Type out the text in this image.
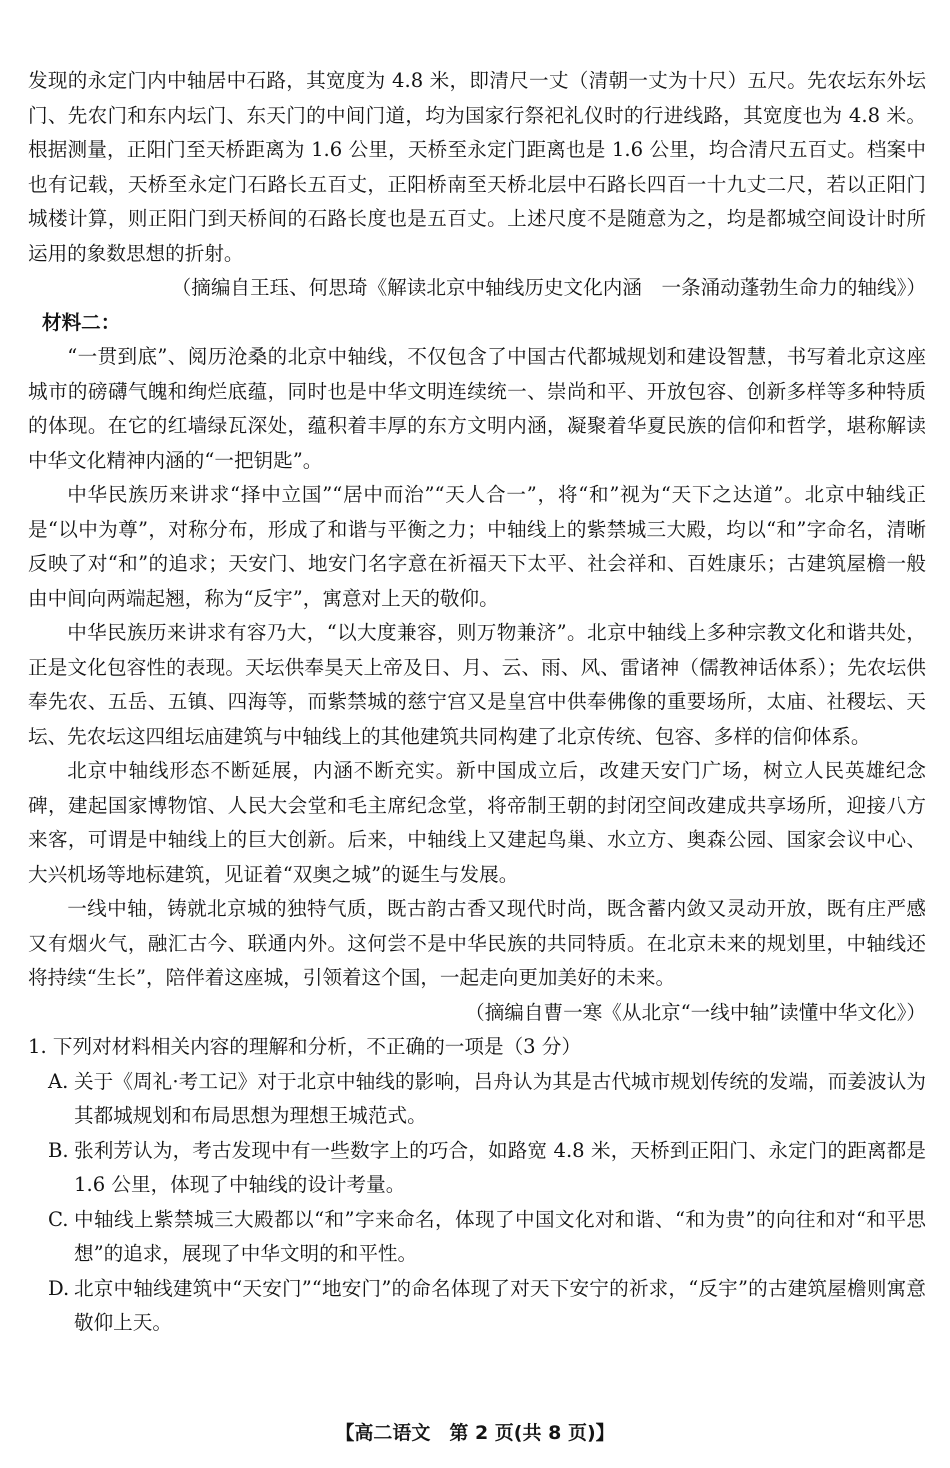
发现的永定门内中轴居中石路，其宽度为 4.8 米，即清尺一丈（清朝一丈为十尺）五尺。先农坛东外坛门、先农门和东内坛门、东天门的中间门道，均为国家行祭祀礼仪时的行进线路，其宽度也为 4.8 米。根据测量，正阳门至天桥距离为 1.6 公里，天桥至永定门距离也是 1.6 公里，均合清尺五百丈。档案中也有记载，天桥至永定门石路长五百丈，正阳桥南至天桥北层中石路长四百一十九丈二尺，若以正阳门城楼计算，则正阳门到天桥间的石路长度也是五百丈。上述尺度不是随意为之，均是都城空间设计时所运用的象数思想的折射。

（摘编自王珏、何思琦《解读北京中轴线历史文化内涵　一条涌动蓬勃生命力的轴线》）

材料二：

“一贯到底”、阅历沧桑的北京中轴线，不仅包含了中国古代都城规划和建设智慧，书写着北京这座城市的磅礴气魄和绚烂底蕴，同时也是中华文明连续统一、崇尚和平、开放包容、创新多样等多种特质的体现。在它的红墙绿瓦深处，蕴积着丰厚的东方文明内涵，凝聚着华夏民族的信仰和哲学，堪称解读中华文化精神内涵的“一把钥匙”。

中华民族历来讲求“择中立国”“居中而治”“天人合一”，将“和”视为“天下之达道”。北京中轴线正是“以中为尊”，对称分布，形成了和谐与平衡之力；中轴线上的紫禁城三大殿，均以“和”字命名，清晰反映了对“和”的追求；天安门、地安门名字意在祈福天下太平、社会祥和、百姓康乐；古建筑屋檐一般由中间向两端起翘，称为“反宇”，寓意对上天的敬仰。

中华民族历来讲求有容乃大，“以大度兼容，则万物兼济”。北京中轴线上多种宗教文化和谐共处，正是文化包容性的表现。天坛供奉昊天上帝及日、月、云、雨、风、雷诸神（儒教神话体系）；先农坛供奉先农、五岳、五镇、四海等，而紫禁城的慈宁宫又是皇宫中供奉佛像的重要场所，太庙、社稷坛、天坛、先农坛这四组坛庙建筑与中轴线上的其他建筑共同构建了北京传统、包容、多样的信仰体系。

北京中轴线形态不断延展，内涵不断充实。新中国成立后，改建天安门广场，树立人民英雄纪念碑，建起国家博物馆、人民大会堂和毛主席纪念堂，将帝制王朝的封闭空间改建成共享场所，迎接八方来客，可谓是中轴线上的巨大创新。后来，中轴线上又建起鸟巢、水立方、奥森公园、国家会议中心、大兴机场等地标建筑，见证着“双奥之城”的诞生与发展。

一线中轴，铸就北京城的独特气质，既古韵古香又现代时尚，既含蓄内敛又灵动开放，既有庄严感又有烟火气，融汇古今、联通内外。这何尝不是中华民族的共同特质。在北京未来的规划里，中轴线还将持续“生长”，陪伴着这座城，引领着这个国，一起走向更加美好的未来。

（摘编自曹一寒《从北京“一线中轴”读懂中华文化》）

1. 下列对材料相关内容的理解和分析，不正确的一项是（3 分）

A. 关于《周礼·考工记》对于北京中轴线的影响，吕舟认为其是古代城市规划传统的发端，而姜波认为其都城规划和布局思想为理想王城范式。
B. 张利芳认为，考古发现中有一些数字上的巧合，如路宽 4.8 米，天桥到正阳门、永定门的距离都是 1.6 公里，体现了中轴线的设计考量。
C. 中轴线上紫禁城三大殿都以“和”字来命名，体现了中国文化对和谐、“和为贵”的向往和对“和平思想”的追求，展现了中华文明的和平性。
D. 北京中轴线建筑中“天安门”“地安门”的命名体现了对天下安宁的祈求，“反宇”的古建筑屋檐则寓意敬仰上天。
【高二语文　第 2 页(共 8 页)】
